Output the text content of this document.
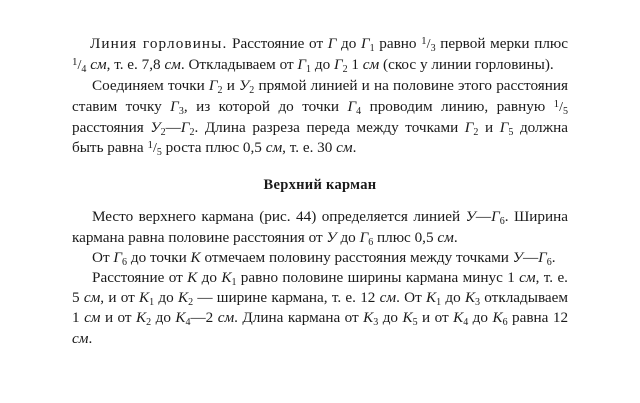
Линия горловины. Расстояние от Г до $Г_1$ равно $^1/_3$ первой мерки плюс $^1/_4$ см, т. е. 7,8 см. Откладываем от $Г_1$ до $Г_2$ 1 см (скос у линии горловины).

Соединяем точки $Г_2$ и $У_2$ прямой линией и на половине этого расстояния ставим точку $Г_3$, из которой до точки $Г_4$ проводим линию, равную $^1/_5$ расстояния $У_2—Г_2$. Длина разреза переда между точками $Г_2$ и $Г_5$ должна быть равна $^1/_5$ роста плюс 0,5 см, т. е. 30 см.

Верхний карман

Место верхнего кармана (рис. 44) определяется линией $У—Г_6$. Ширина кармана равна половине расстояния от У до $Г_6$ плюс 0,5 см.

От $Г_6$ до точки К отмечаем половину расстояния между точками $У—Г_6$.

Расстояние от К до $К_1$ равно половине ширины кармана минус 1 см, т. е. 5 см, и от $К_1$ до $К_2$ — ширине кармана, т. е. 12 см. От $К_1$ до $К_3$ откладываем 1 см и от $К_2$ до $К_4—2$ см. Длина кармана от $К_3$ до $К_5$ и от $К_4$ до $К_6$ равна 12 см.
